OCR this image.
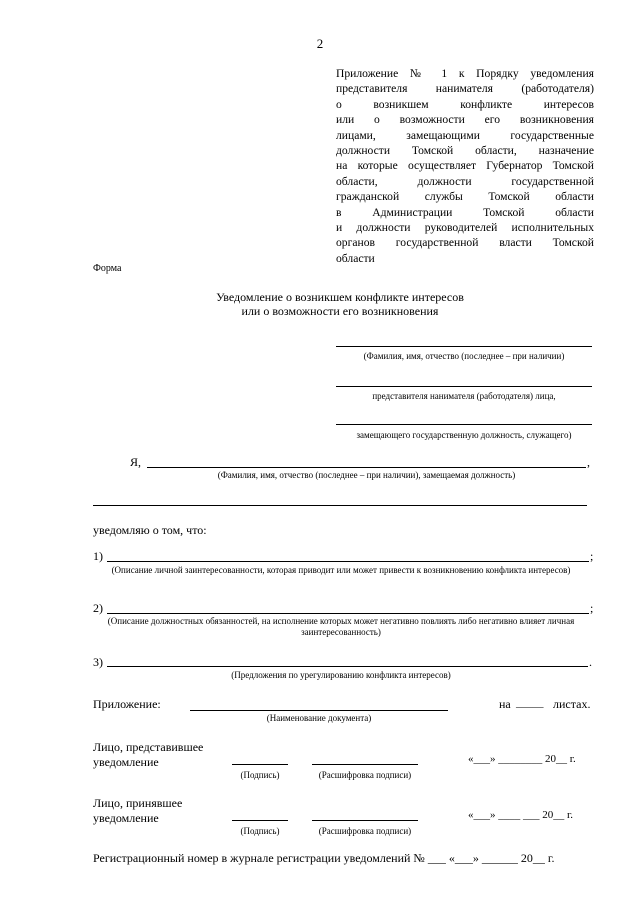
2
Приложение № 1 к Порядку уведомления
представителя нанимателя (работодателя)
о возникшем конфликте интересов
или о возможности его возникновения
лицами, замещающими государственные
должности Томской области, назначение
на которые осуществляет Губернатор Томской
области, должности государственной
гражданской службы Томской области
в Администрации Томской области
и должности руководителей исполнительных
органов государственной власти Томской
области
Форма
Уведомление о возникшем конфликте интересов
или о возможности его возникновения
(Фамилия, имя, отчество (последнее – при наличии)
представителя нанимателя (работодателя) лица,
замещающего государственную должность, служащего)
Я,	,
(Фамилия, имя, отчество (последнее – при наличии), замещаемая должность)
уведомляю о том, что:
1)	;
(Описание личной заинтересованности, которая приводит или может привести к возникновению конфликта интересов)
2)	;
(Описание должностных обязанностей, на исполнение которых может негативно повлиять либо негативно влияет личная заинтересованность)
3)	.
(Предложения по урегулированию конфликта интересов)
Приложение:
(Наименование документа)
на _____ листах.
Лицо, представившее
уведомление
(Подпись)	(Расшифровка подписи)
«___» ________ 20__ г.
Лицо, принявшее
уведомление
(Подпись)	(Расшифровка подписи)
«___» ____ ___ 20__ г.
Регистрационный номер в журнале регистрации уведомлений № ___ «___» ______ 20__ г.
